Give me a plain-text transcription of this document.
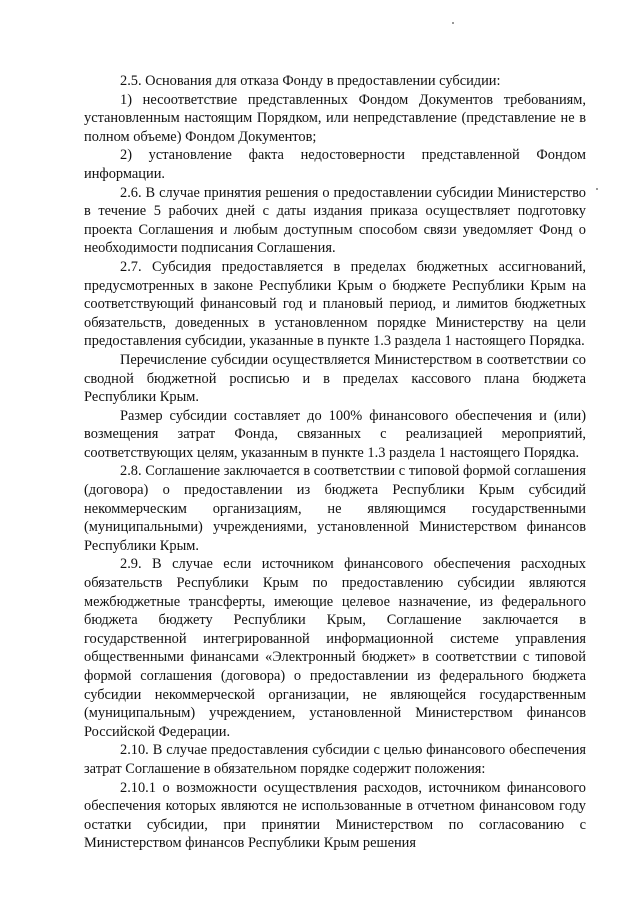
2.5. Основания для отказа Фонду в предоставлении субсидии:

1) несоответствие представленных Фондом Документов требованиям, установленным настоящим Порядком, или непредставление (представление не в полном объеме) Фондом Документов;

2) установление факта недостоверности представленной Фондом информации.

2.6. В случае принятия решения о предоставлении субсидии Министерство в течение 5 рабочих дней с даты издания приказа осуществляет подготовку проекта Соглашения и любым доступным способом связи уведомляет Фонд о необходимости подписания Соглашения.

2.7. Субсидия предоставляется в пределах бюджетных ассигнований, предусмотренных в законе Республики Крым о бюджете Республики Крым на соответствующий финансовый год и плановый период, и лимитов бюджетных обязательств, доведенных в установленном порядке Министерству на цели предоставления субсидии, указанные в пункте 1.3 раздела 1 настоящего Порядка.

Перечисление субсидии осуществляется Министерством в соответствии со сводной бюджетной росписью и в пределах кассового плана бюджета Республики Крым.

Размер субсидии составляет до 100% финансового обеспечения и (или) возмещения затрат Фонда, связанных с реализацией мероприятий, соответствующих целям, указанным в пункте 1.3 раздела 1 настоящего Порядка.

2.8. Соглашение заключается в соответствии с типовой формой соглашения (договора) о предоставлении из бюджета Республики Крым субсидий некоммерческим организациям, не являющимся государственными (муниципальными) учреждениями, установленной Министерством финансов Республики Крым.

2.9. В случае если источником финансового обеспечения расходных обязательств Республики Крым по предоставлению субсидии являются межбюджетные трансферты, имеющие целевое назначение, из федерального бюджета бюджету Республики Крым, Соглашение заключается в государственной интегрированной информационной системе управления общественными финансами «Электронный бюджет» в соответствии с типовой формой соглашения (договора) о предоставлении из федерального бюджета субсидии некоммерческой организации, не являющейся государственным (муниципальным) учреждением, установленной Министерством финансов Российской Федерации.

2.10. В случае предоставления субсидии с целью финансового обеспечения затрат Соглашение в обязательном порядке содержит положения:

2.10.1 о возможности осуществления расходов, источником финансового обеспечения которых являются не использованные в отчетном финансовом году остатки субсидии, при принятии Министерством по согласованию с Министерством финансов Республики Крым решения
